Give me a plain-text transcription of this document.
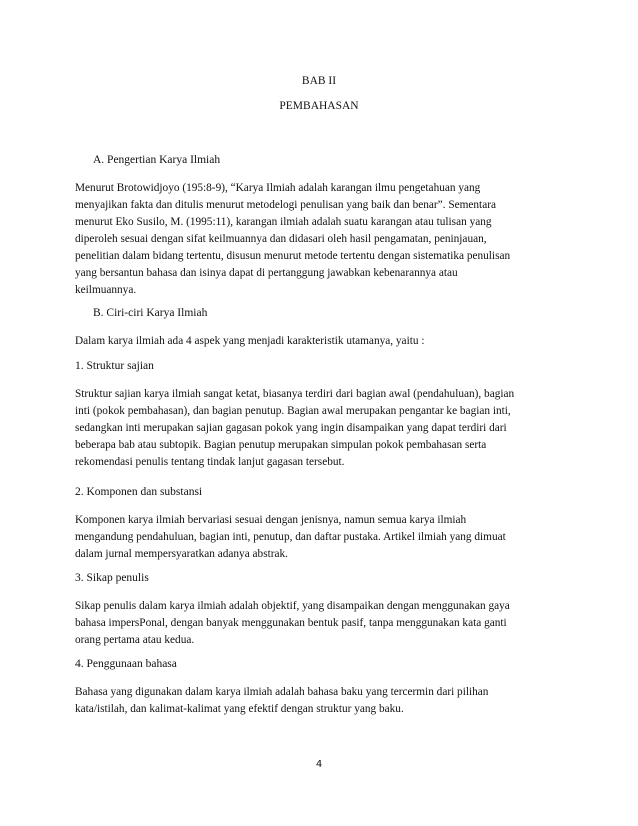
BAB II
PEMBAHASAN
A. Pengertian Karya Ilmiah
Menurut Brotowidjoyo (195:8-9), “Karya Ilmiah adalah karangan ilmu pengetahuan yang
menyajikan fakta dan ditulis menurut metodelogi penulisan yang baik dan benar”. Sementara
menurut Eko Susilo, M. (1995:11), karangan ilmiah adalah suatu karangan atau tulisan yang
diperoleh sesuai dengan sifat keilmuannya dan didasari oleh hasil pengamatan, peninjauan,
penelitian dalam bidang tertentu, disusun menurut metode tertentu dengan sistematika penulisan
yang bersantun bahasa dan isinya dapat di pertanggung jawabkan kebenarannya atau
keilmuannya.
B. Ciri-ciri Karya Ilmiah
Dalam karya ilmiah ada 4 aspek yang menjadi karakteristik utamanya, yaitu :
1. Struktur sajian
Struktur sajian karya ilmiah sangat ketat, biasanya terdiri dari bagian awal (pendahuluan), bagian
inti (pokok pembahasan), dan bagian penutup. Bagian awal merupakan pengantar ke bagian inti,
sedangkan inti merupakan sajian gagasan pokok yang ingin disampaikan yang dapat terdiri dari
beberapa bab atau subtopik. Bagian penutup merupakan simpulan pokok pembahasan serta
rekomendasi penulis tentang tindak lanjut gagasan tersebut.
2. Komponen dan substansi
Komponen karya ilmiah bervariasi sesuai dengan jenisnya, namun semua karya ilmiah
mengandung pendahuluan, bagian inti, penutup, dan daftar pustaka. Artikel ilmiah yang dimuat
dalam jurnal mempersyaratkan adanya abstrak.
3. Sikap penulis
Sikap penulis dalam karya ilmiah adalah objektif, yang disampaikan dengan menggunakan gaya
bahasa impersPonal, dengan banyak menggunakan bentuk pasif, tanpa menggunakan kata ganti
orang pertama atau kedua.
4. Penggunaan bahasa
Bahasa yang digunakan dalam karya ilmiah adalah bahasa baku yang tercermin dari pilihan
kata/istilah, dan kalimat-kalimat yang efektif dengan struktur yang baku.
4
